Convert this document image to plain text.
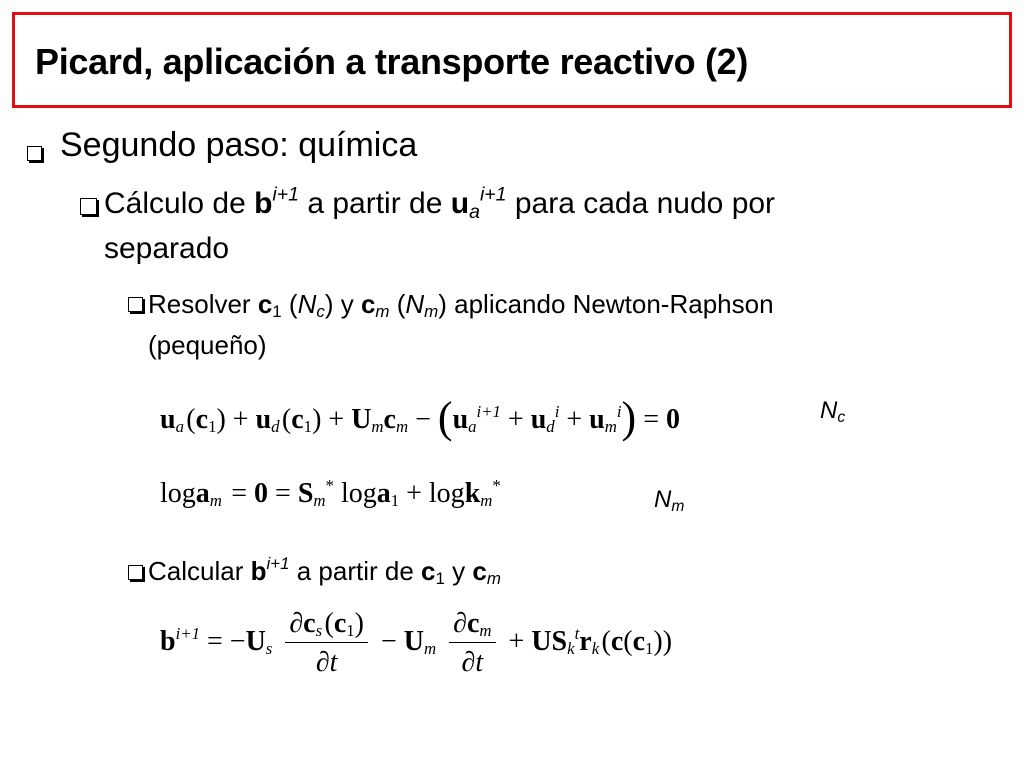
Picard, aplicación a transporte reactivo (2)
Segundo paso: química
Cálculo de $b^{i+1}$ a partir de $u_a^{i+1}$ para cada nudo por
separado
Resolver $c_1$ $(N_c)$ y $c_m$ $(N_m)$ aplicando Newton-Raphson
(pequeño)
$u_a$ $(c_1) + u_d$ $(c_1) + U_mc_m - (u_a^{i+1} + u_d^i + u_m^i) = 0$	$N_c$
loga$_m$  = $0 = S_m^*$ loga$_1$ + logk$_m$*
$N_m$
Calcular $b^{i+1}$ a partir de $c_1$ y $c_m$
$b^{i+1} = -U_s \frac{\partial c_s (c_1)}{\partial t} - U_m \frac{\partial c_m}{\partial t} + US_k^tr_k$ $(c(c_1))$
